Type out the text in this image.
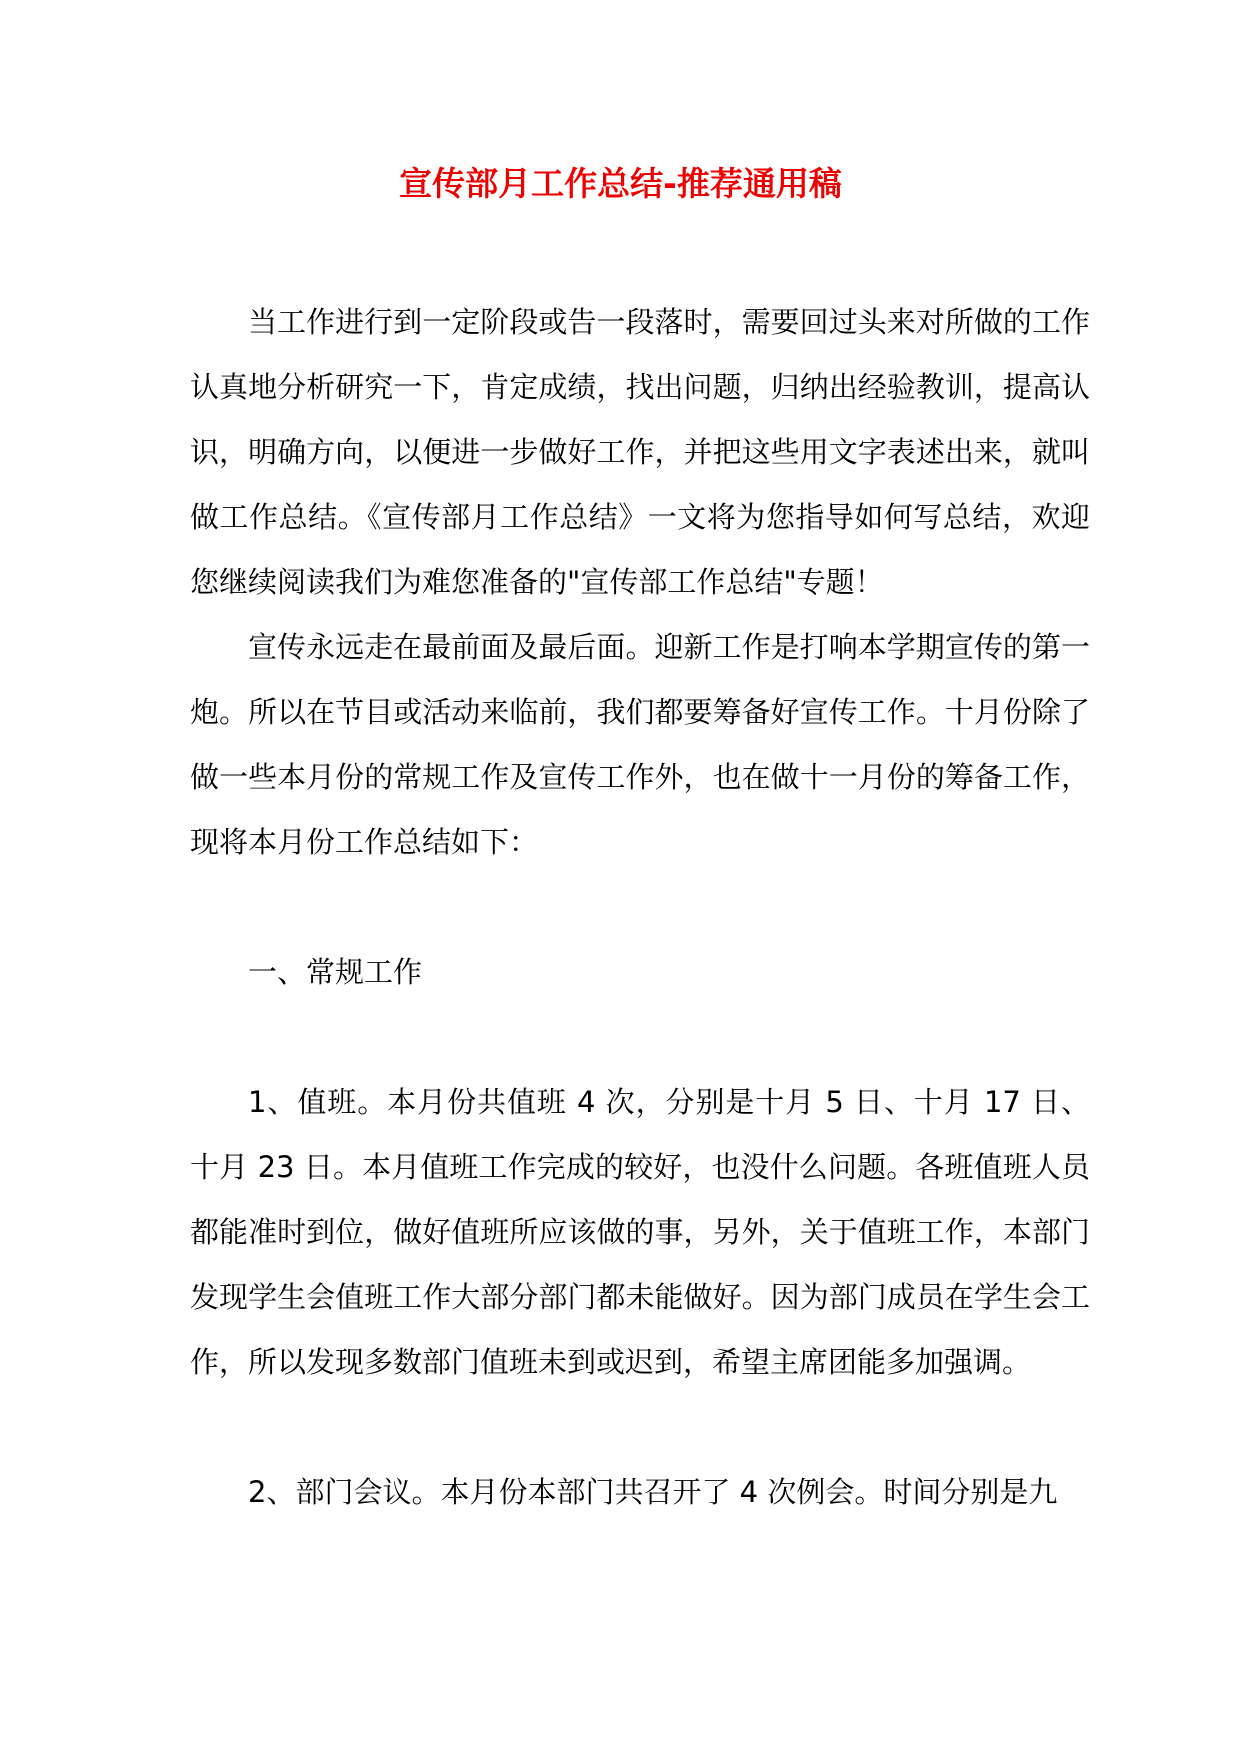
宣传部月工作总结-推荐通用稿

当工作进行到一定阶段或告一段落时，需要回过头来对所做的工作认真地分析研究一下，肯定成绩，找出问题，归纳出经验教训，提高认识，明确方向，以便进一步做好工作，并把这些用文字表述出来，就叫做工作总结。《宣传部月工作总结》一文将为您指导如何写总结，欢迎您继续阅读我们为难您准备的"宣传部工作总结"专题！

宣传永远走在最前面及最后面。迎新工作是打响本学期宣传的第一炮。所以在节目或活动来临前，我们都要筹备好宣传工作。十月份除了做一些本月份的常规工作及宣传工作外，也在做十一月份的筹备工作，现将本月份工作总结如下：

一、常规工作

1、值班。本月份共值班 4 次，分别是十月 5 日、十月 17 日、十月 23 日。本月值班工作完成的较好，也没什么问题。各班值班人员都能准时到位，做好值班所应该做的事，另外，关于值班工作，本部门发现学生会值班工作大部分部门都未能做好。因为部门成员在学生会工作，所以发现多数部门值班未到或迟到，希望主席团能多加强调。

2、部门会议。本月份本部门共召开了 4 次例会。时间分别是九
